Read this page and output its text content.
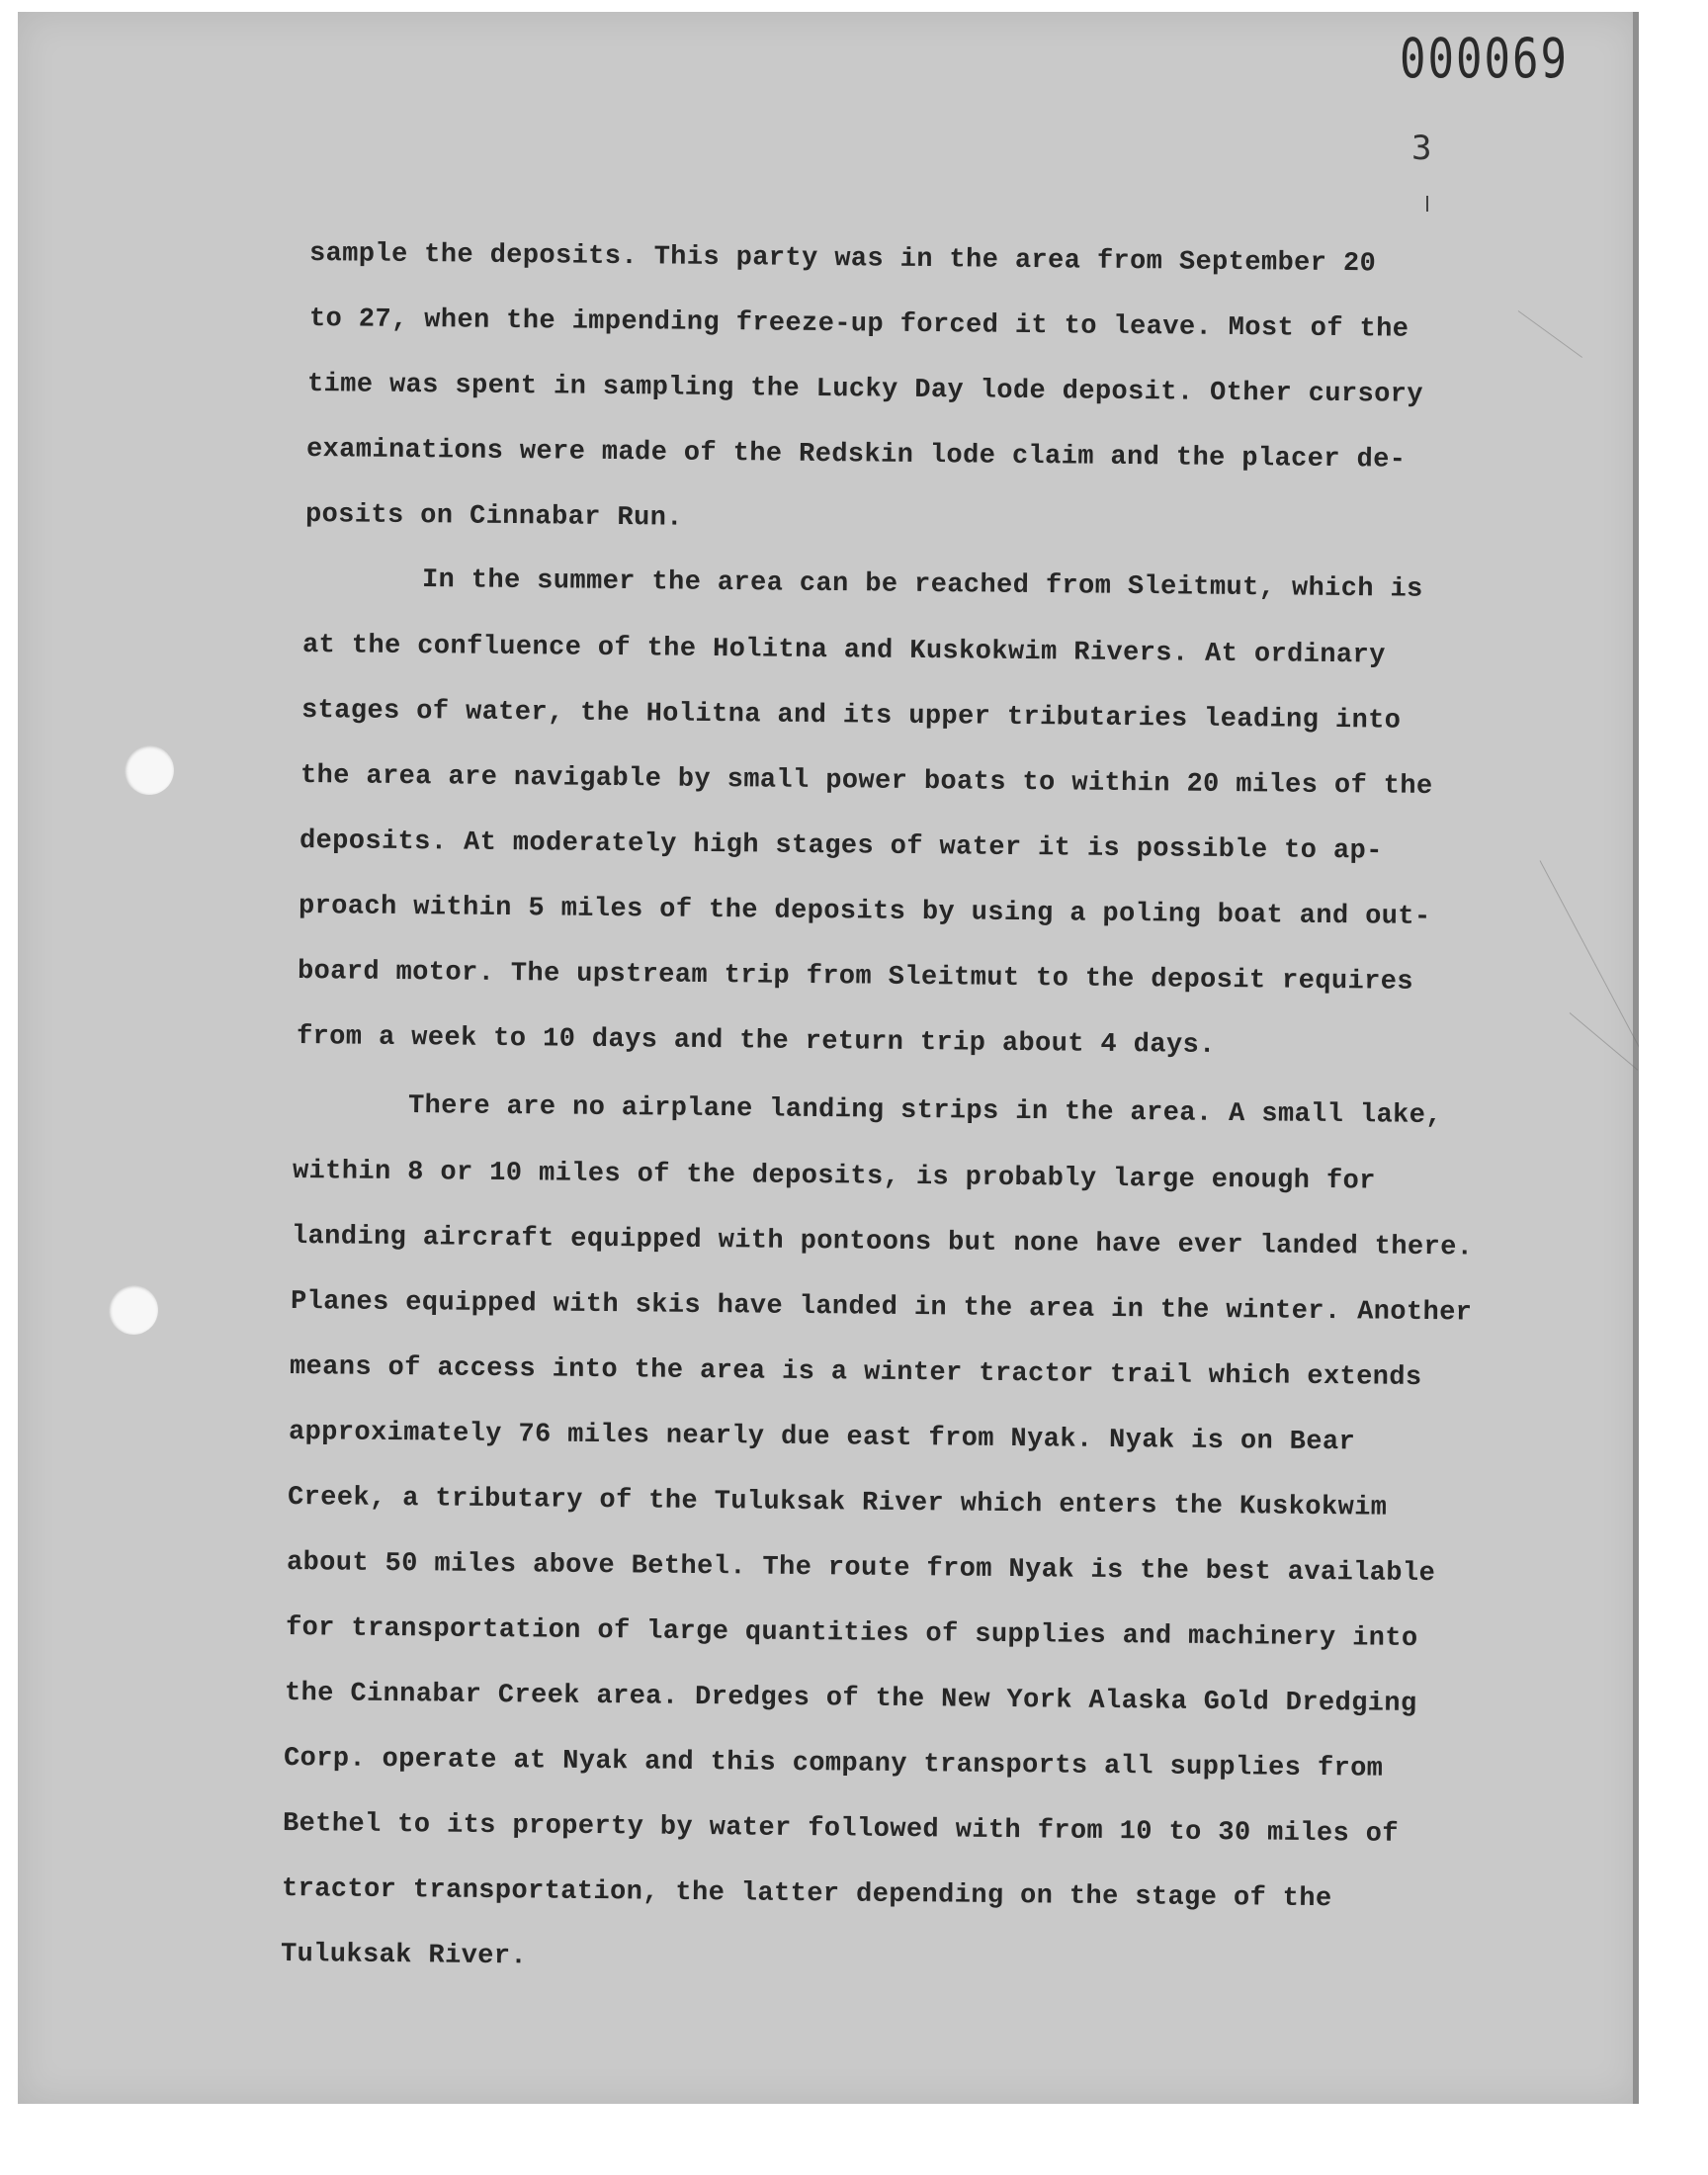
000069
3

sample the deposits. This party was in the area from September 20

to 27, when the impending freeze-up forced it to leave. Most of the

time was spent in sampling the Lucky Day lode deposit. Other cursory

examinations were made of the Redskin lode claim and the placer de-

posits on Cinnabar Run.

In the summer the area can be reached from Sleitmut, which is

at the confluence of the Holitna and Kuskokwim Rivers. At ordinary

stages of water, the Holitna and its upper tributaries leading into

the area are navigable by small power boats to within 20 miles of the

deposits. At moderately high stages of water it is possible to ap-

proach within 5 miles of the deposits by using a poling boat and out-

board motor. The upstream trip from Sleitmut to the deposit requires

from a week to 10 days and the return trip about 4 days.

There are no airplane landing strips in the area. A small lake,

within 8 or 10 miles of the deposits, is probably large enough for

landing aircraft equipped with pontoons but none have ever landed there.

Planes equipped with skis have landed in the area in the winter. Another

means of access into the area is a winter tractor trail which extends

approximately 76 miles nearly due east from Nyak. Nyak is on Bear

Creek, a tributary of the Tuluksak River which enters the Kuskokwim

about 50 miles above Bethel. The route from Nyak is the best available

for transportation of large quantities of supplies and machinery into

the Cinnabar Creek area. Dredges of the New York Alaska Gold Dredging

Corp. operate at Nyak and this company transports all supplies from

Bethel to its property by water followed with from 10 to 30 miles of

tractor transportation, the latter depending on the stage of the

Tuluksak River.
